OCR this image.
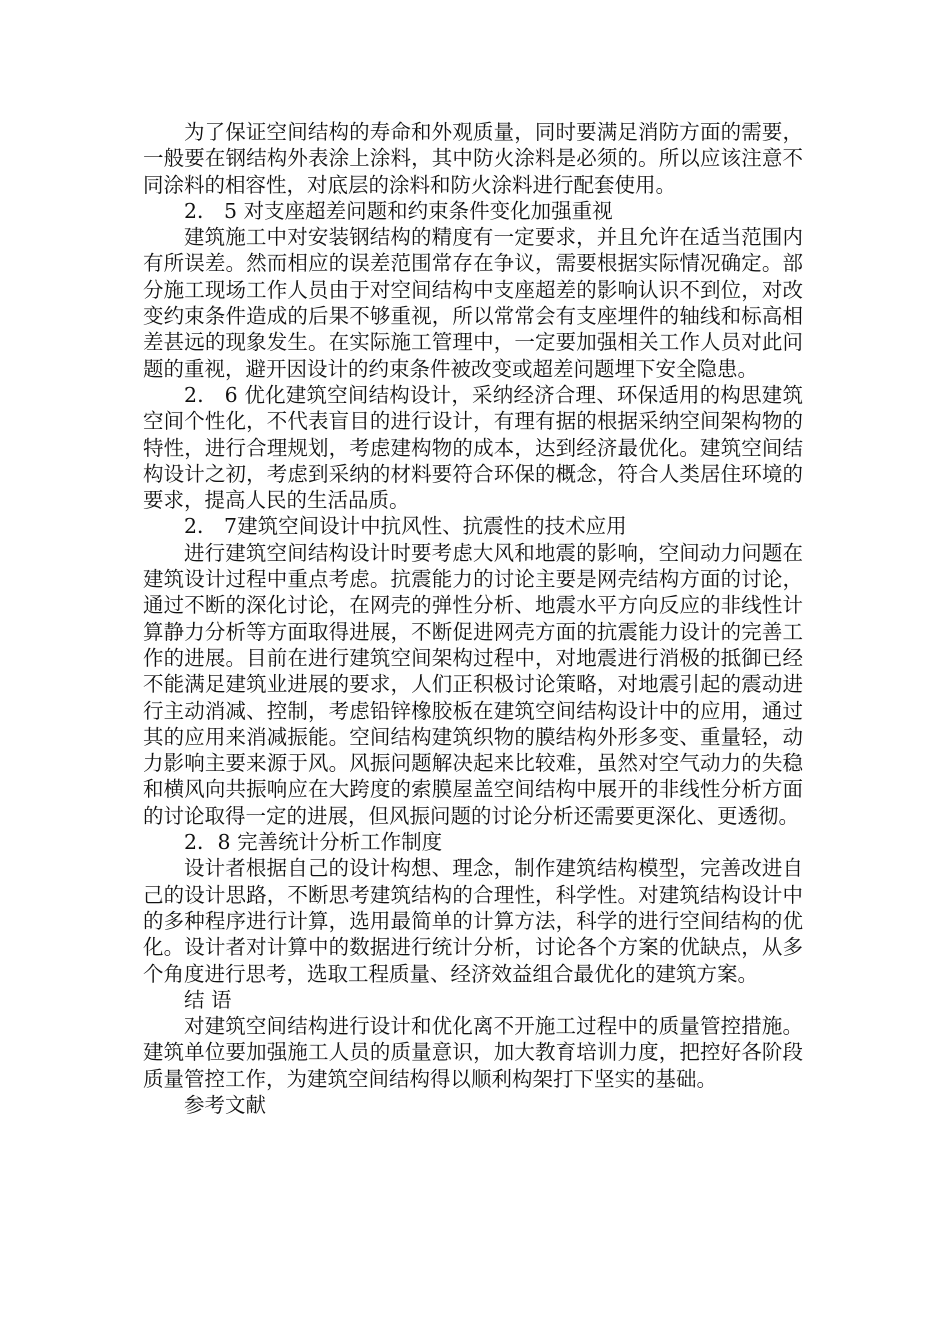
为了保证空间结构的寿命和外观质量，同时要满足消防方面的需要，一般要在钢结构外表涂上涂料，其中防火涂料是必须的。所以应该注意不同涂料的相容性，对底层的涂料和防火涂料进行配套使用。

2． 5 对支座超差问题和约束条件变化加强重视

建筑施工中对安装钢结构的精度有一定要求，并且允许在适当范围内有所误差。然而相应的误差范围常存在争议，需要根据实际情况确定。部分施工现场工作人员由于对空间结构中支座超差的影响认识不到位，对改变约束条件造成的后果不够重视，所以常常会有支座埋件的轴线和标高相差甚远的现象发生。在实际施工管理中，一定要加强相关工作人员对此问题的重视，避开因设计的约束条件被改变或超差问题埋下安全隐患。

2． 6 优化建筑空间结构设计，采纳经济合理、环保适用的构思建筑空间个性化，不代表盲目的进行设计，有理有据的根据采纳空间架构物的特性，进行合理规划，考虑建构物的成本，达到经济最优化。建筑空间结构设计之初，考虑到采纳的材料要符合环保的概念，符合人类居住环境的要求，提高人民的生活品质。

2． 7建筑空间设计中抗风性、抗震性的技术应用

进行建筑空间结构设计时要考虑大风和地震的影响，空间动力问题在建筑设计过程中重点考虑。抗震能力的讨论主要是网壳结构方面的讨论，通过不断的深化讨论，在网壳的弹性分析、地震水平方向反应的非线性计算静力分析等方面取得进展，不断促进网壳方面的抗震能力设计的完善工作的进展。目前在进行建筑空间架构过程中，对地震进行消极的抵御已经不能满足建筑业进展的要求，人们正积极讨论策略，对地震引起的震动进行主动消减、控制，考虑铅锌橡胶板在建筑空间结构设计中的应用，通过其的应用来消减振能。空间结构建筑织物的膜结构外形多变、重量轻，动力影响主要来源于风。风振问题解决起来比较难，虽然对空气动力的失稳和横风向共振响应在大跨度的索膜屋盖空间结构中展开的非线性分析方面的讨论取得一定的进展，但风振问题的讨论分析还需要更深化、更透彻。

2．8 完善统计分析工作制度

设计者根据自己的设计构想、理念，制作建筑结构模型，完善改进自己的设计思路，不断思考建筑结构的合理性，科学性。对建筑结构设计中的多种程序进行计算，选用最简单的计算方法，科学的进行空间结构的优化。设计者对计算中的数据进行统计分析，讨论各个方案的优缺点，从多个角度进行思考，选取工程质量、经济效益组合最优化的建筑方案。

结 语

对建筑空间结构进行设计和优化离不开施工过程中的质量管控措施。建筑单位要加强施工人员的质量意识，加大教育培训力度，把控好各阶段质量管控工作，为建筑空间结构得以顺利构架打下坚实的基础。

参考文献
